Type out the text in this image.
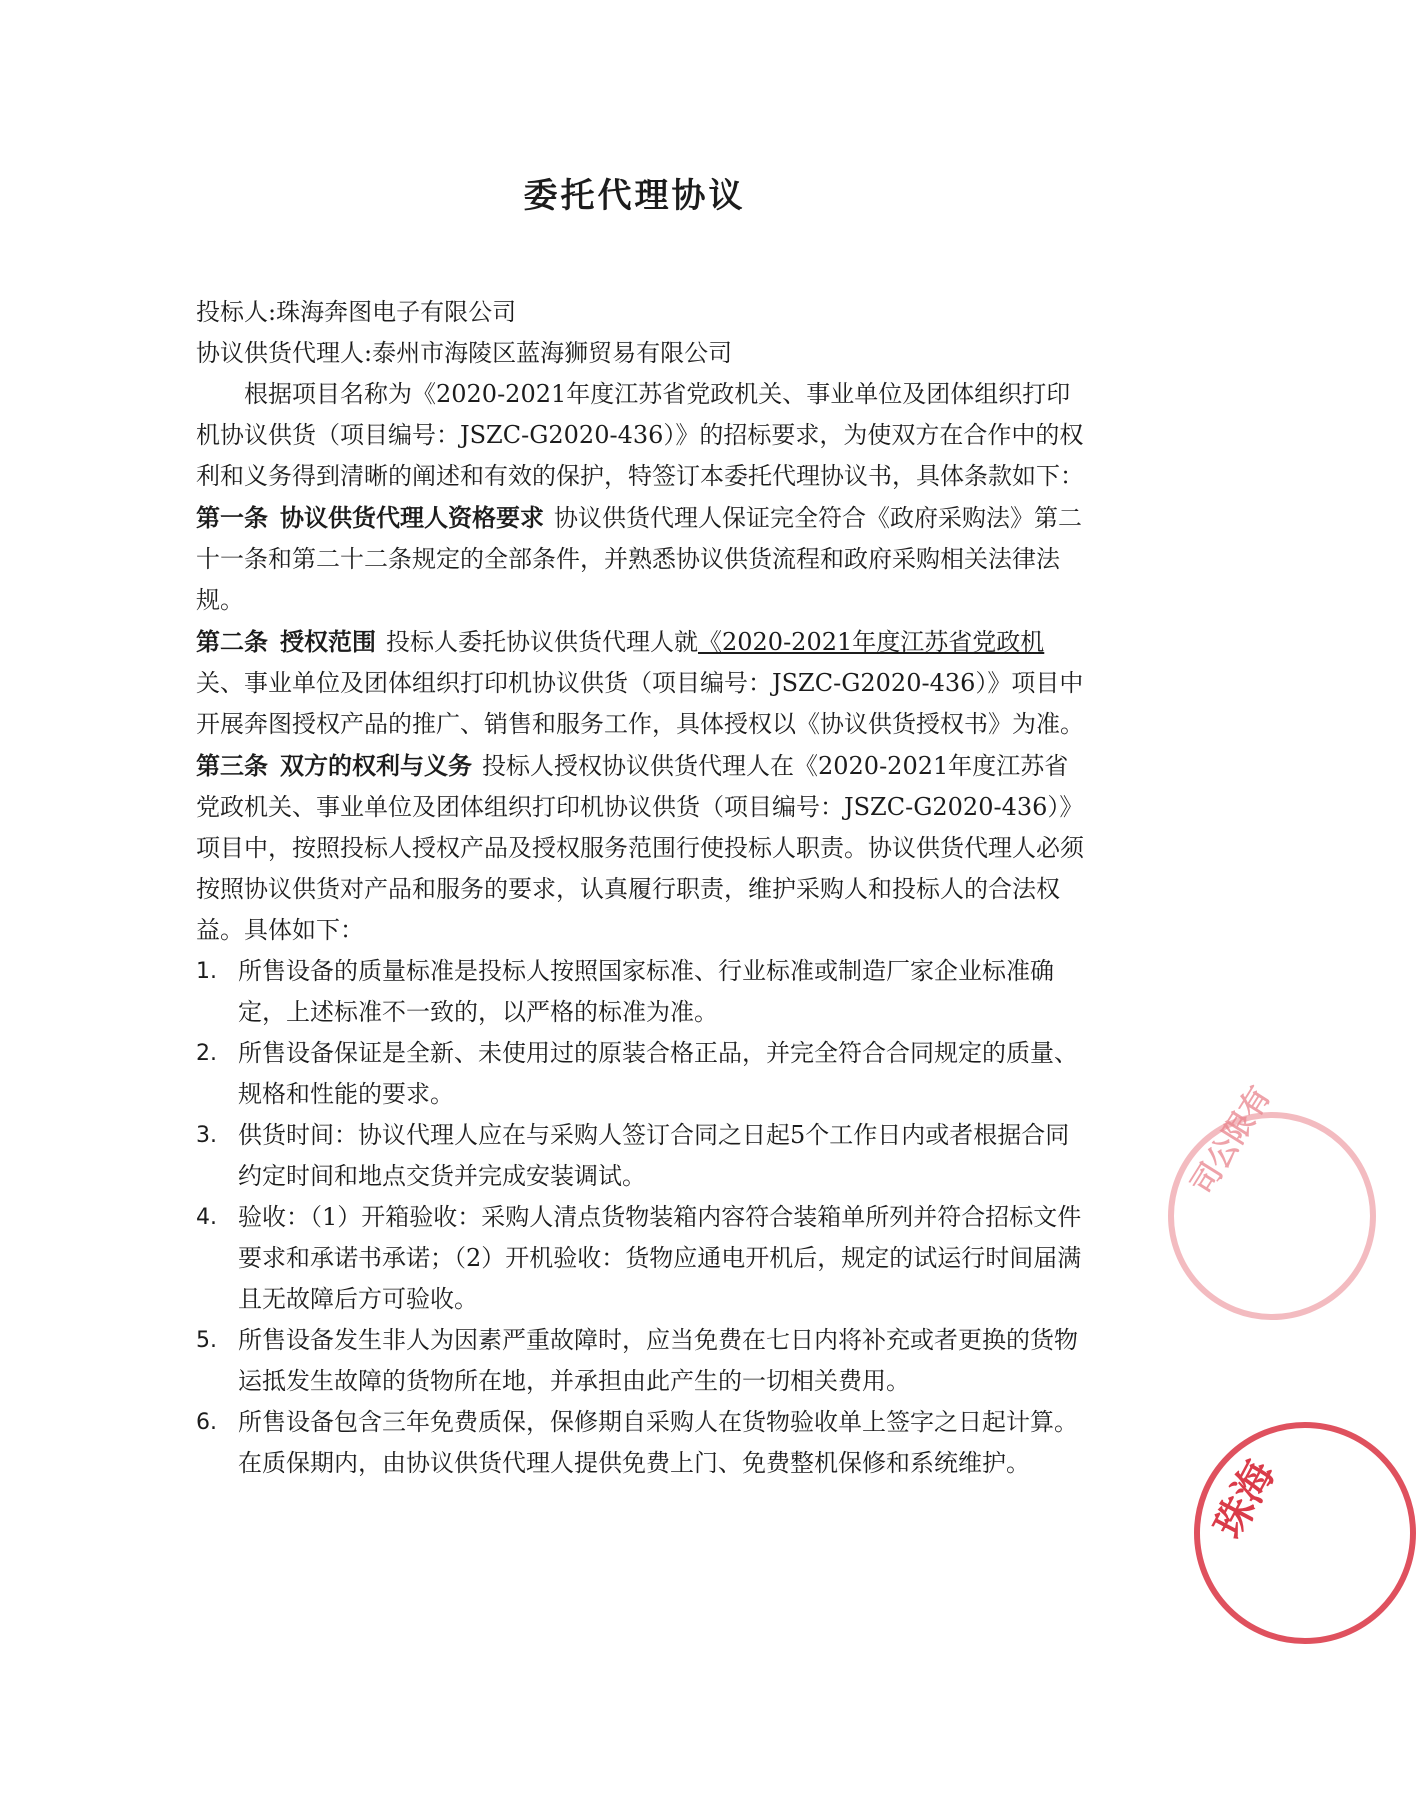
委托代理协议

投标人:珠海奔图电子有限公司

协议供货代理人:泰州市海陵区蓝海狮贸易有限公司

根据项目名称为《2020-2021年度江苏省党政机关、事业单位及团体组织打印机协议供货（项目编号：JSZC-G2020-436）》的招标要求，为使双方在合作中的权利和义务得到清晰的阐述和有效的保护，特签订本委托代理协议书，具体条款如下：

第一条 协议供货代理人资格要求 协议供货代理人保证完全符合《政府采购法》第二十一条和第二十二条规定的全部条件，并熟悉协议供货流程和政府采购相关法律法规。

第二条 授权范围 投标人委托协议供货代理人就《2020-2021年度江苏省党政机关、事业单位及团体组织打印机协议供货（项目编号：JSZC-G2020-436）》项目中开展奔图授权产品的推广、销售和服务工作，具体授权以《协议供货授权书》为准。

第三条 双方的权利与义务 投标人授权协议供货代理人在《2020-2021年度江苏省党政机关、事业单位及团体组织打印机协议供货（项目编号：JSZC-G2020-436）》项目中，按照投标人授权产品及授权服务范围行使投标人职责。协议供货代理人必须按照协议供货对产品和服务的要求，认真履行职责，维护采购人和投标人的合法权益。具体如下：

1. 所售设备的质量标准是投标人按照国家标准、行业标准或制造厂家企业标准确定，上述标准不一致的，以严格的标准为准。
2. 所售设备保证是全新、未使用过的原装合格正品，并完全符合合同规定的质量、规格和性能的要求。
3. 供货时间：协议代理人应在与采购人签订合同之日起5个工作日内或者根据合同约定时间和地点交货并完成安装调试。
4. 验收：（1）开箱验收：采购人清点货物装箱内容符合装箱单所列并符合招标文件要求和承诺书承诺；（2）开机验收：货物应通电开机后，规定的试运行时间届满且无故障后方可验收。
5. 所售设备发生非人为因素严重故障时，应当免费在七日内将补充或者更换的货物运抵发生故障的货物所在地，并承担由此产生的一切相关费用。
6. 所售设备包含三年免费质保，保修期自采购人在货物验收单上签字之日起计算。在质保期内，由协议供货代理人提供免费上门、免费整机保修和系统维护。
司公限有
珠海
